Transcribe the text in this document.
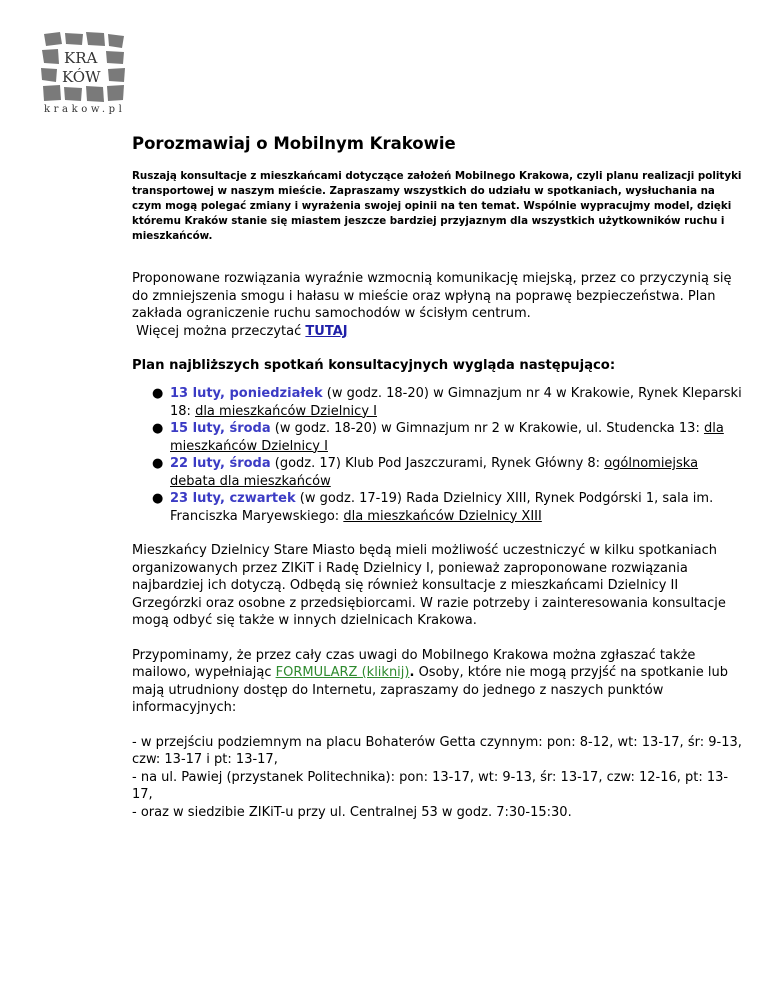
KRA
KÓW
krakow.pl
Porozmawiaj o Mobilnym Krakowie

Ruszają konsultacje z mieszkańcami dotyczące założeń Mobilnego Krakowa, czyli planu realizacji polityki transportowej w naszym mieście. Zapraszamy wszystkich do udziału w spotkaniach, wysłuchania na czym mogą polegać zmiany i wyrażenia swojej opinii na ten temat. Wspólnie wypracujmy model, dzięki któremu Kraków stanie się miastem jeszcze bardziej przyjaznym dla wszystkich użytkowników ruchu i mieszkańców.

Proponowane rozwiązania wyraźnie wzmocnią komunikację miejską, przez co przyczynią się do zmniejszenia smogu i hałasu w mieście oraz wpłyną na poprawę bezpieczeństwa. Plan zakłada ograniczenie ruchu samochodów w ścisłym centrum.
Więcej można przeczytać TUTAJ

Plan najbliższych spotkań konsultacyjnych wygląda następująco:
● 13 luty, poniedziałek (w godz. 18-20) w Gimnazjum nr 4 w Krakowie, Rynek Kleparski 18: dla mieszkańców Dzielnicy I
● 15 luty, środa (w godz. 18-20) w Gimnazjum nr 2 w Krakowie, ul. Studencka 13: dla mieszkańców Dzielnicy I
● 22 luty, środa (godz. 17) Klub Pod Jaszczurami, Rynek Główny 8: ogólnomiejska debata dla mieszkańców
● 23 luty, czwartek (w godz. 17-19) Rada Dzielnicy XIII, Rynek Podgórski 1, sala im. Franciszka Maryewskiego: dla mieszkańców Dzielnicy XIII

Mieszkańcy Dzielnicy Stare Miasto będą mieli możliwość uczestniczyć w kilku spotkaniach organizowanych przez ZIKiT i Radę Dzielnicy I, ponieważ zaproponowane rozwiązania najbardziej ich dotyczą. Odbędą się również konsultacje z mieszkańcami Dzielnicy II Grzegórzki oraz osobne z przedsiębiorcami. W razie potrzeby i zainteresowania konsultacje mogą odbyć się także w innych dzielnicach Krakowa.

Przypominamy, że przez cały czas uwagi do Mobilnego Krakowa można zgłaszać także mailowo, wypełniając FORMULARZ (kliknij). Osoby, które nie mogą przyjść na spotkanie lub mają utrudniony dostęp do Internetu, zapraszamy do jednego z naszych punktów informacyjnych:

- w przejściu podziemnym na placu Bohaterów Getta czynnym: pon: 8-12, wt: 13-17, śr: 9-13, czw: 13-17 i pt: 13-17,
- na ul. Pawiej (przystanek Politechnika): pon: 13-17, wt: 9-13, śr: 13-17, czw: 12-16, pt: 13-17,
- oraz w siedzibie ZIKiT-u przy ul. Centralnej 53 w godz. 7:30-15:30.
